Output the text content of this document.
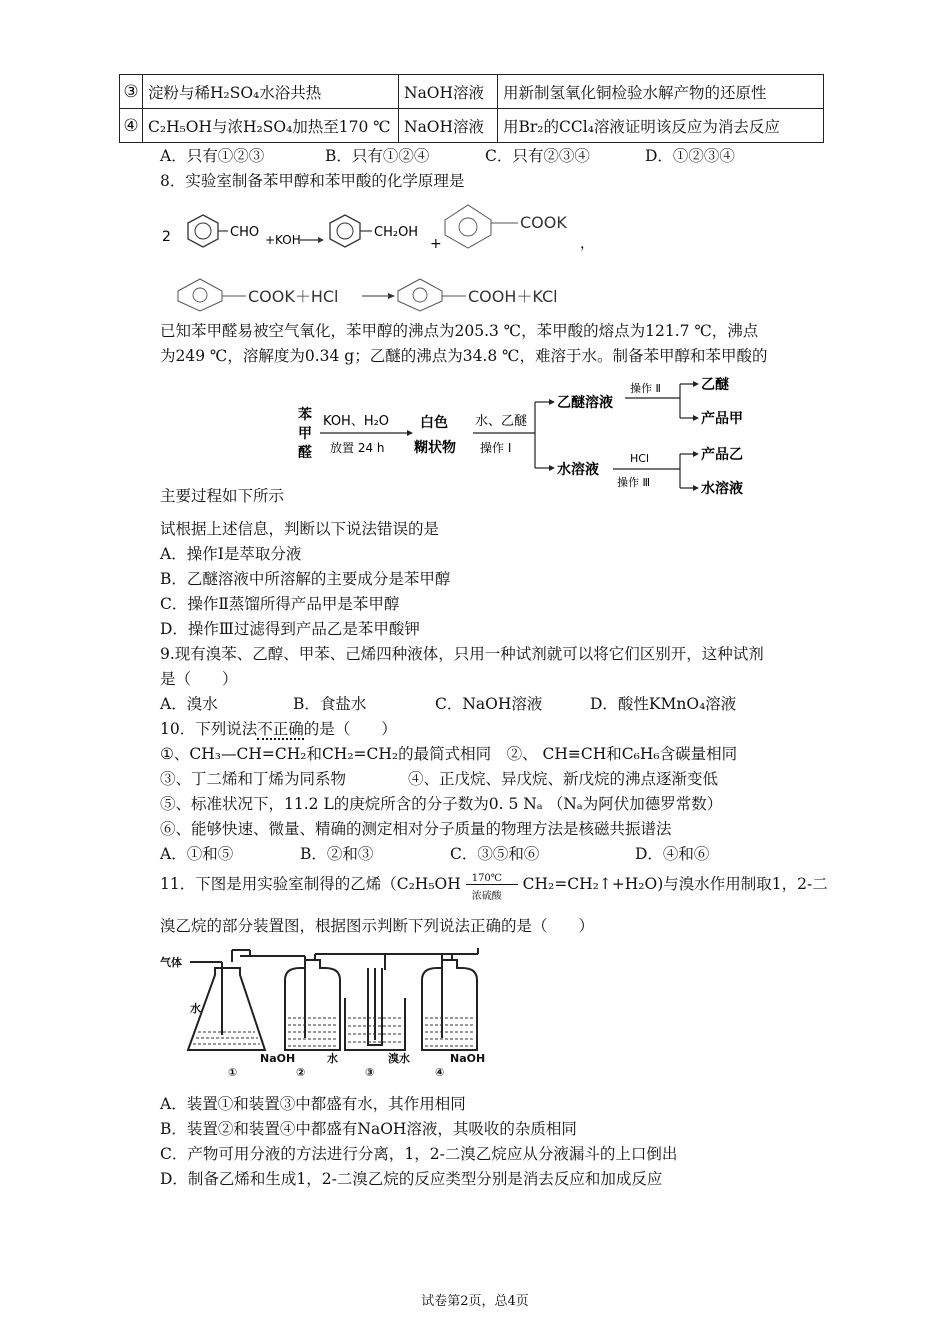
③	淀粉与稀H₂SO₄水浴共热	NaOH溶液	用新制氢氧化铜检验水解产物的还原性
④	C₂H₅OH与浓H₂SO₄加热至170 ℃	NaOH溶液	用Br₂的CCl₄溶液证明该反应为消去反应
A．只有①②③	B．只有①②④	C．只有②③④	D．①②③④
8．实验室制备苯甲醇和苯甲酸的化学原理是
2	CHO +KOH	CH₂OH
+
COOK
，
COOK＋HCl	COOH＋KCl
已知苯甲醛易被空气氧化，苯甲醇的沸点为205.3 ℃，苯甲酸的熔点为121.7 ℃，沸点
为249 ℃，溶解度为0.34 g；乙醚的沸点为34.8 ℃，难溶于水。制备苯甲醇和苯甲酸的
苯
甲
醛
KOH、H₂O
放置 24 h
白色
糊状物
水、乙醚
操作 Ⅰ
乙醚溶液
操作 Ⅱ	乙醚
产品甲
水溶液
HCl
操作 Ⅲ
产品乙
水溶液
主要过程如下所示
试根据上述信息，判断以下说法错误的是
A．操作Ⅰ是萃取分液
B．乙醚溶液中所溶解的主要成分是苯甲醇
C．操作Ⅱ蒸馏所得产品甲是苯甲醇
D．操作Ⅲ过滤得到产品乙是苯甲酸钾
9.现有溴苯、乙醇、甲苯、己烯四种液体，只用一种试剂就可以将它们区别开，这种试剂
是（　　）
A．溴水	B．食盐水	C．NaOH溶液	D．酸性KMnO₄溶液
10．下列说法不正确的是（　　）
①、CH₃—CH=CH₂和CH₂=CH₂的最简式相同　②、 CH≡CH和C₆H₆含碳量相同
③、丁二烯和丁烯为同系物　　　　④、正戊烷、异戊烷、新戊烷的沸点逐渐变低
⑤、标准状况下，11.2 L的庚烷所含的分子数为0. 5 Nₐ （Nₐ为阿伏加德罗常数）
⑥、能够快速、微量、精确的测定相对分子质量的物理方法是核磁共振谱法
A．①和⑤	B．②和③	C．③⑤和⑥	D．④和⑥
11．下图是用实验室制得的乙烯（C₂H₅OH 170℃
浓硫酸
CH₂=CH₂↑+H₂O)与溴水作用制取1，2-二
溴乙烷的部分装置图，根据图示判断下列说法正确的是（　　）
气体
水
NaOH	水	溴水	NaOH
①	②	③	④
A．装置①和装置③中都盛有水，其作用相同
B．装置②和装置④中都盛有NaOH溶液，其吸收的杂质相同
C．产物可用分液的方法进行分离，1，2-二溴乙烷应从分液漏斗的上口倒出
D．制备乙烯和生成1，2-二溴乙烷的反应类型分别是消去反应和加成反应
试卷第2页，总4页
